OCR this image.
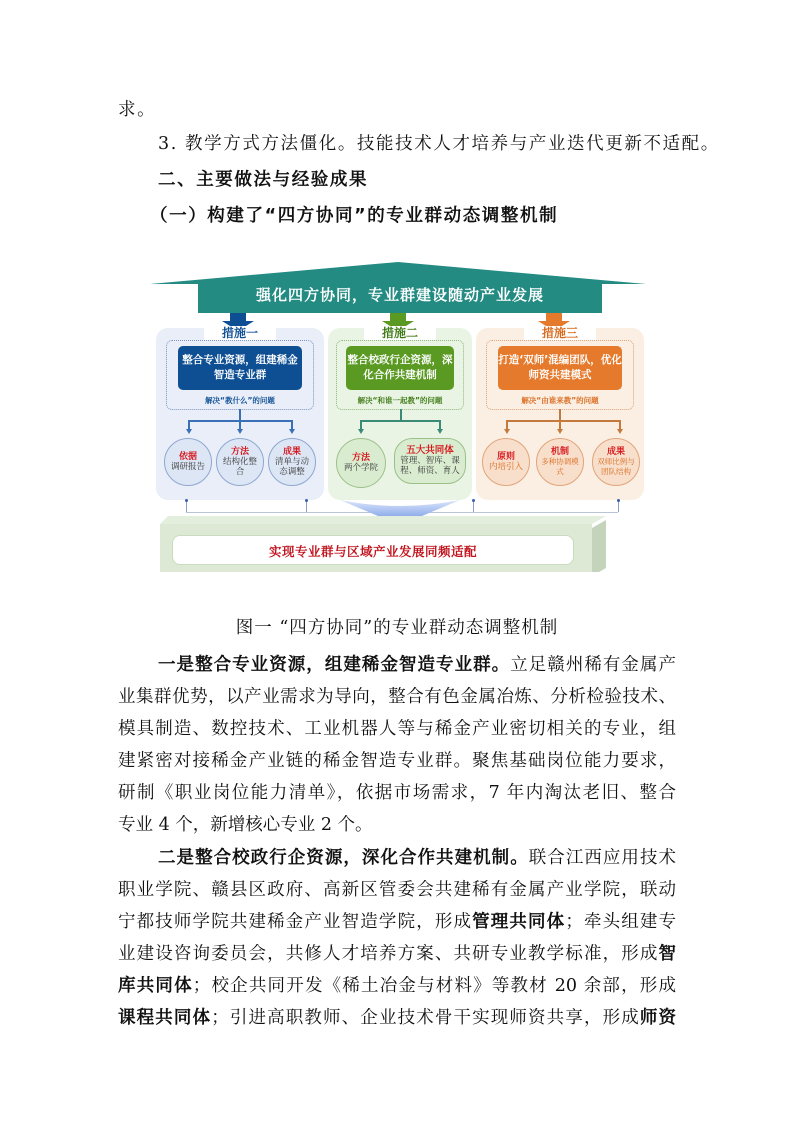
求。
3. 教学方式方法僵化。技能技术人才培养与产业迭代更新不适配。
二、主要做法与经验成果
（一）构建了“四方协同”的专业群动态调整机制
强化四方协同，专业群建设随动产业发展
措施一
整合专业资源，组建稀金智造专业群
解决“教什么”的问题
依据
调研报告
方法
结构化整合
成果
清单与动态调整
措施二
整合校政行企资源，深化合作共建机制
解决“和谁一起教”的问题
方法
两个学院
五大共同体
管理、智库、课程、师资、育人
措施三
打造‘双师’混编团队，优化师资共建模式
解决“由谁来教”的问题
原则
内培引入
机制
多种协调模式
成果
双师比例与团队结构
实现专业群与区域产业发展同频适配
图一 “四方协同”的专业群动态调整机制
一是整合专业资源，组建稀金智造专业群。立足赣州稀有金属产
业集群优势，以产业需求为导向，整合有色金属冶炼、分析检验技术、
模具制造、数控技术、工业机器人等与稀金产业密切相关的专业，组
建紧密对接稀金产业链的稀金智造专业群。聚焦基础岗位能力要求，
研制《职业岗位能力清单》，依据市场需求，7 年内淘汰老旧、整合
专业 4 个，新增核心专业 2 个。
二是整合校政行企资源，深化合作共建机制。联合江西应用技术
职业学院、赣县区政府、高新区管委会共建稀有金属产业学院，联动
宁都技师学院共建稀金产业智造学院，形成管理共同体；牵头组建专
业建设咨询委员会，共修人才培养方案、共研专业教学标准，形成智
库共同体；校企共同开发《稀土冶金与材料》等教材 20 余部，形成
课程共同体；引进高职教师、企业技术骨干实现师资共享，形成师资
